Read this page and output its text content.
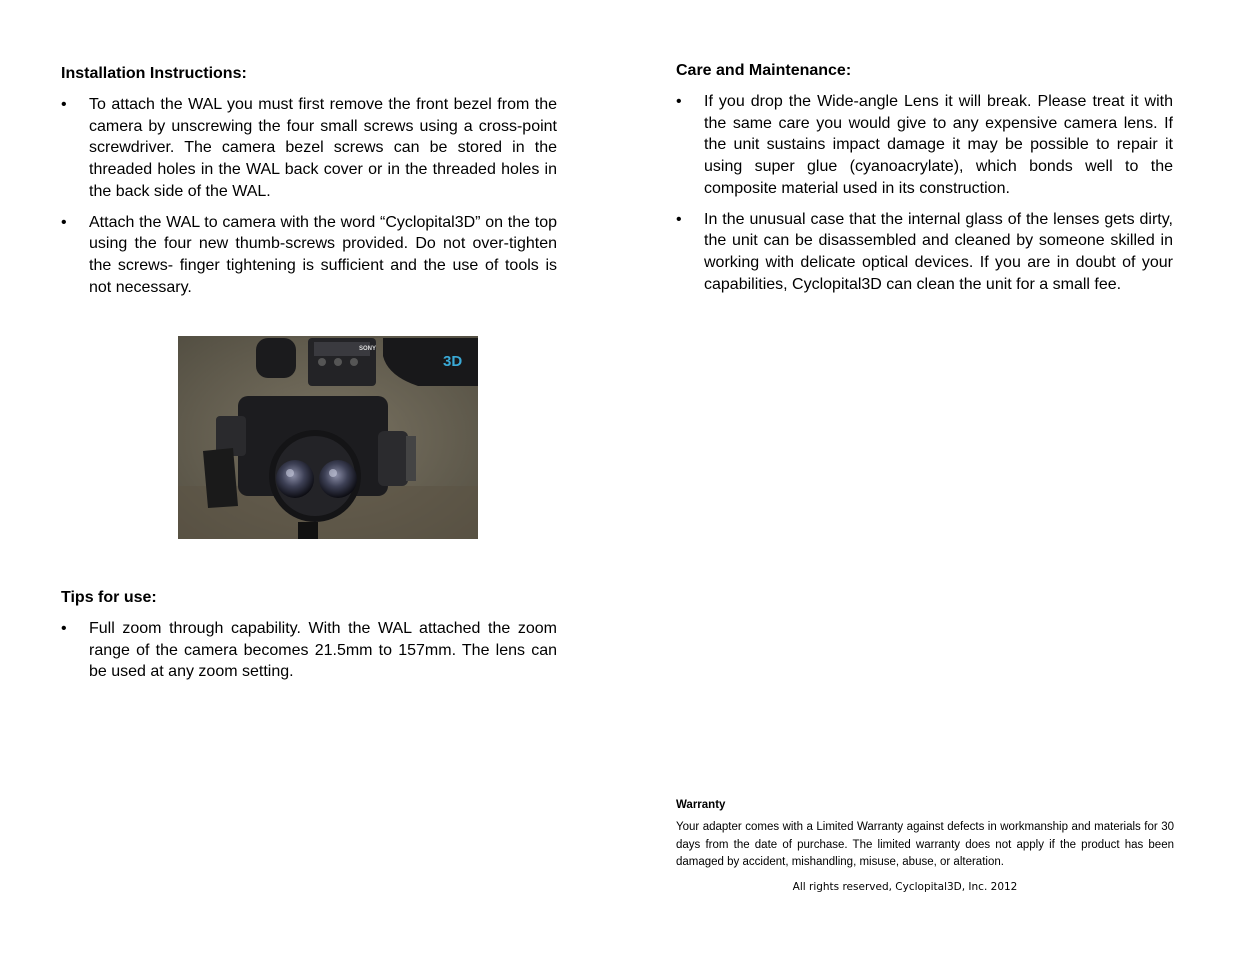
Installation Instructions:
• To attach the WAL you must first remove the front bezel from the camera by unscrewing the four small screws using a cross-point screwdriver. The camera bezel screws can be stored in the threaded holes in the WAL back cover or in the threaded holes in the back side of the WAL.
• Attach the WAL to camera with the word “Cyclopital3D” on the top using the four new thumb-screws provided. Do not over-tighten the screws- finger tightening is sufficient and the use of tools is not necessary.
Tips for use:
• Full zoom through capability. With the WAL attached the zoom range of the camera becomes 21.5mm to 157mm. The lens can be used at any zoom setting.
SONY
3D
Care and Maintenance:
• If you drop the Wide-angle Lens it will break. Please treat it with the same care you would give to any expensive camera lens. If the unit sustains impact damage it may be possible to repair it using super glue (cyanoacrylate), which bonds well to the composite material used in its construction.
• In the unusual case that the internal glass of the lenses gets dirty, the unit can be disassembled and cleaned by someone skilled in working with delicate optical devices. If you are in doubt of your capabilities, Cyclopital3D can clean the unit for a small fee.
Warranty
Your adapter comes with a Limited Warranty against defects in workmanship and materials for 30 days from the date of purchase. The limited warranty does not apply if the product has been damaged by accident, mishandling, misuse, abuse, or alteration.
All rights reserved, Cyclopital3D, Inc. 2012
